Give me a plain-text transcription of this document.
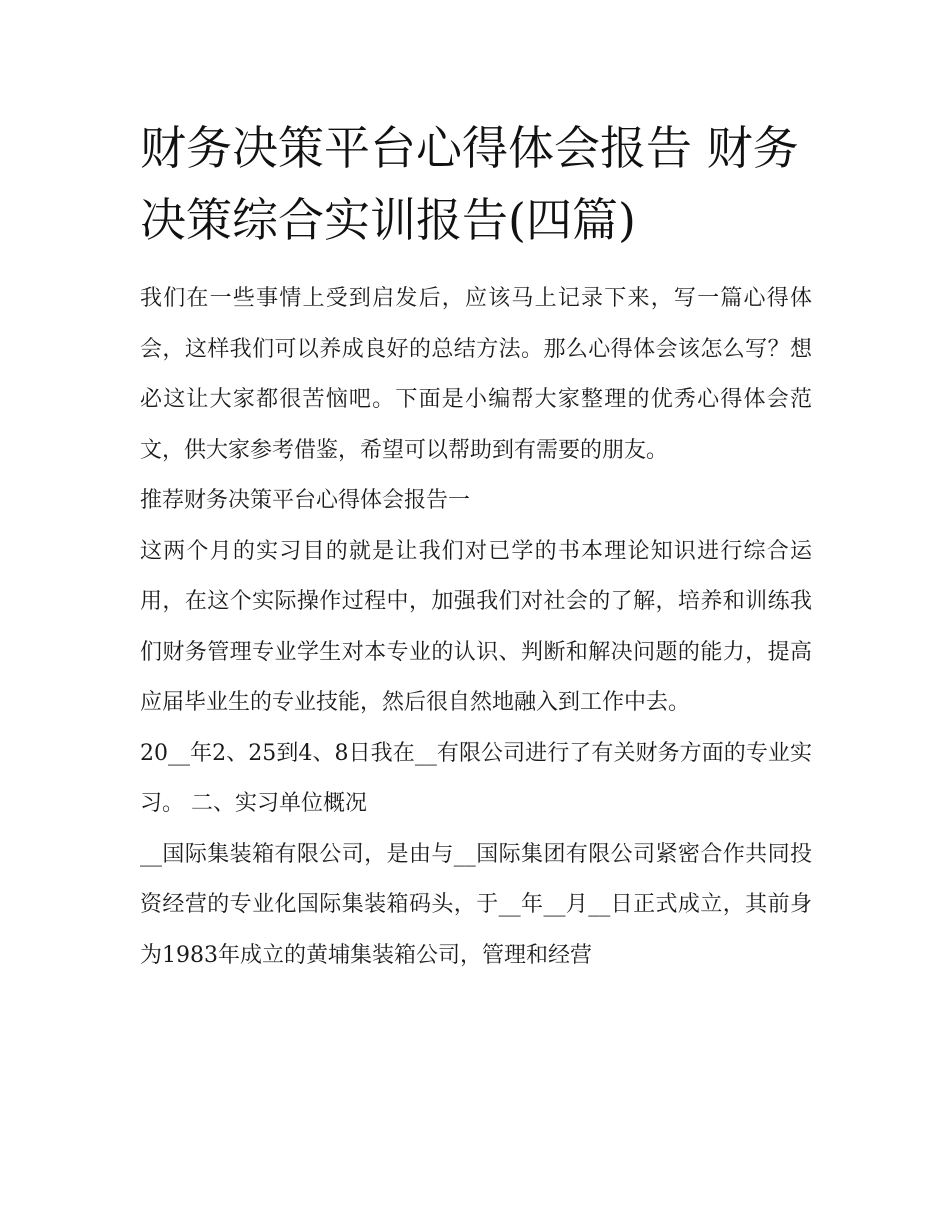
财务决策平台心得体会报告 财务决策综合实训报告(四篇)

我们在一些事情上受到启发后，应该马上记录下来，写一篇心得体会，这样我们可以养成良好的总结方法。那么心得体会该怎么写？想必这让大家都很苦恼吧。下面是小编帮大家整理的优秀心得体会范文，供大家参考借鉴，希望可以帮助到有需要的朋友。

推荐财务决策平台心得体会报告一

这两个月的实习目的就是让我们对已学的书本理论知识进行综合运用，在这个实际操作过程中，加强我们对社会的了解，培养和训练我们财务管理专业学生对本专业的认识、判断和解决问题的能力，提高应届毕业生的专业技能，然后很自然地融入到工作中去。

20__年2、25到4、8日我在__有限公司进行了有关财务方面的专业实习。 二、实习单位概况

__国际集装箱有限公司，是由与__国际集团有限公司紧密合作共同投资经营的专业化国际集装箱码头，于__年__月__日正式成立，其前身为1983年成立的黄埔集装箱公司，管理和经营
